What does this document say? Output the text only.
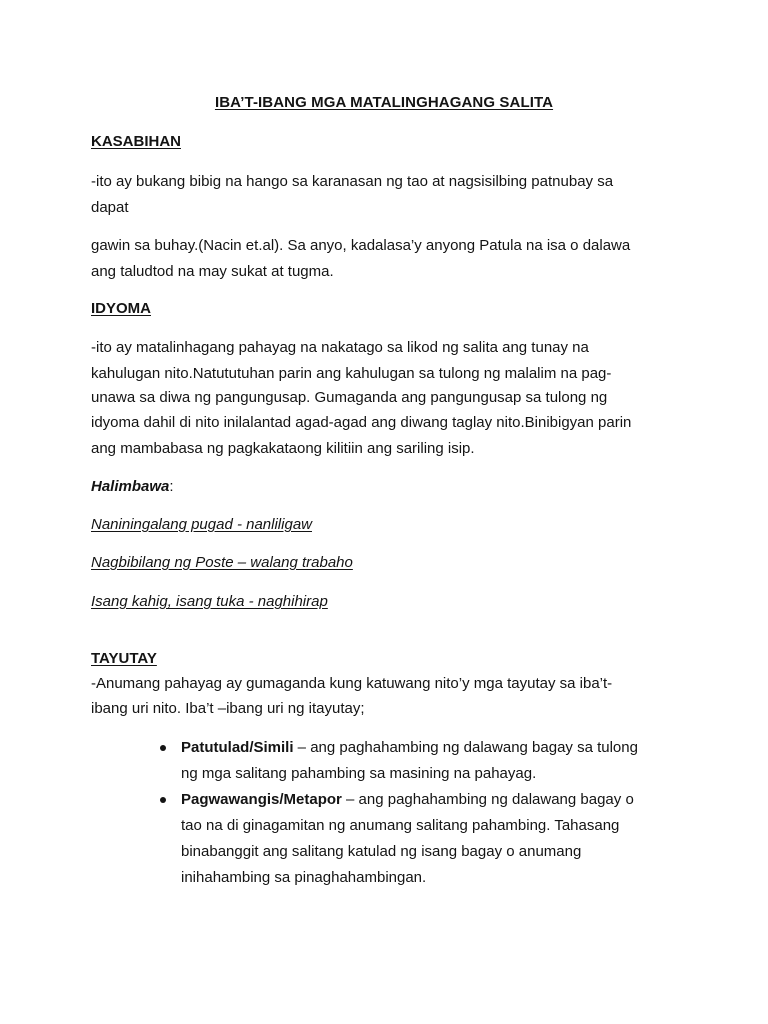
IBA’T-IBANG MGA MATALINGHAGANG SALITA
KASABIHAN
-ito ay bukang bibig na hango sa karanasan ng tao at nagsisilbing patnubay sa
dapat
gawin sa buhay.(Nacin et.al). Sa anyo, kadalasa’y anyong Patula na isa o dalawa
ang taludtod na may sukat at tugma.
IDYOMA
-ito ay matalinhagang pahayag na nakatago sa likod ng salita ang tunay na
kahulugan nito.Natututuhan parin ang kahulugan sa tulong ng malalim na pag-
unawa sa diwa ng pangungusap. Gumaganda ang pangungusap sa tulong ng
idyoma dahil di nito inilalantad agad-agad ang diwang taglay nito.Binibigyan parin
ang mambabasa ng pagkakataong kilitiin ang sariling isip.
Halimbawa:
Naniningalang pugad - nanliligaw
Nagbibilang ng Poste – walang trabaho
Isang kahig, isang tuka - naghihirap
TAYUTAY
-Anumang pahayag ay gumaganda kung katuwang nito’y mga tayutay sa iba’t-
ibang uri nito. Iba’t –ibang uri ng itayutay;
Patutulad/Simili – ang paghahambing ng dalawang bagay sa tulong
ng mga salitang pahambing sa masining na pahayag.
Pagwawangis/Metapor – ang paghahambing ng dalawang bagay o
tao na di ginagamitan ng anumang salitang pahambing. Tahasang
binabanggit ang salitang katulad ng isang bagay o anumang
inihahambing sa pinaghahambingan.
